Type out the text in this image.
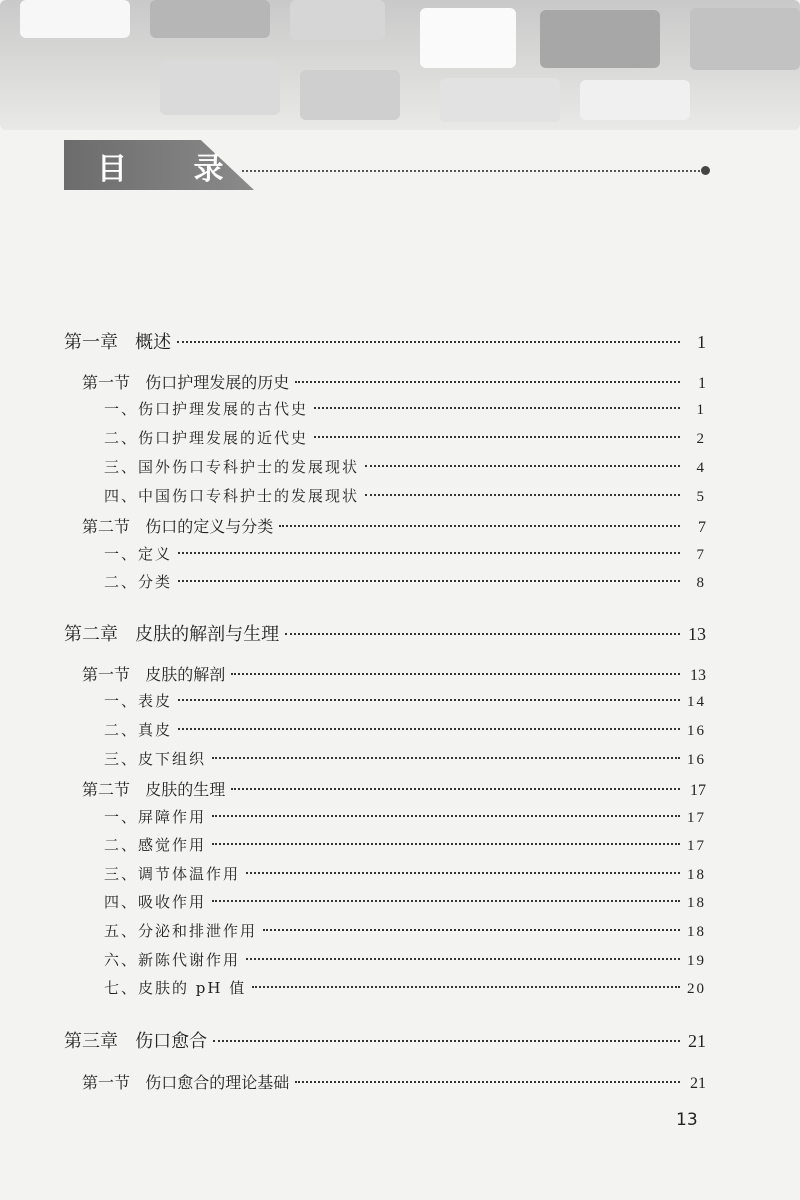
目 录
第一章   概述	1
第一节   伤口护理发展的历史	1
一、伤口护理发展的古代史	1
二、伤口护理发展的近代史	2
三、国外伤口专科护士的发展现状	4
四、中国伤口专科护士的发展现状	5
第二节   伤口的定义与分类	7
一、定义	7
二、分类	8
第二章   皮肤的解剖与生理	13
第一节   皮肤的解剖	13
一、表皮	14
二、真皮	16
三、皮下组织	16
第二节   皮肤的生理	17
一、屏障作用	17
二、感觉作用	17
三、调节体温作用	18
四、吸收作用	18
五、分泌和排泄作用	18
六、新陈代谢作用	19
七、皮肤的 pH 值	20
第三章   伤口愈合	21
第一节   伤口愈合的理论基础	21
13
